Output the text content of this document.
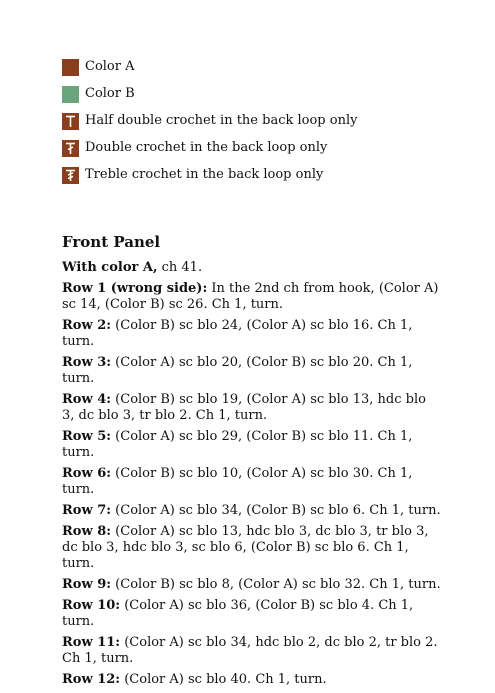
Color A
Color B
Half double crochet in the back loop only
Double crochet in the back loop only
Treble crochet in the back loop only
Front Panel

With color A, ch 41.

Row 1 (wrong side): In the 2nd ch from hook, (Color A) sc 14, (Color B) sc 26. Ch 1, turn.

Row 2: (Color B) sc blo 24, (Color A) sc blo 16. Ch 1, turn.

Row 3: (Color A) sc blo 20, (Color B) sc blo 20. Ch 1, turn.

Row 4: (Color B) sc blo 19, (Color A) sc blo 13, hdc blo 3, dc blo 3, tr blo 2. Ch 1, turn.

Row 5: (Color A) sc blo 29, (Color B) sc blo 11. Ch 1, turn.

Row 6: (Color B) sc blo 10, (Color A) sc blo 30. Ch 1, turn.

Row 7: (Color A) sc blo 34, (Color B) sc blo 6. Ch 1, turn.

Row 8: (Color A) sc blo 13, hdc blo 3, dc blo 3, tr blo 3, dc blo 3, hdc blo 3, sc blo 6, (Color B) sc blo 6. Ch 1, turn.

Row 9: (Color B) sc blo 8, (Color A) sc blo 32. Ch 1, turn.

Row 10: (Color A) sc blo 36, (Color B) sc blo 4. Ch 1, turn.

Row 11: (Color A) sc blo 34, hdc blo 2, dc blo 2, tr blo 2. Ch 1, turn.

Row 12: (Color A) sc blo 40. Ch 1, turn.
